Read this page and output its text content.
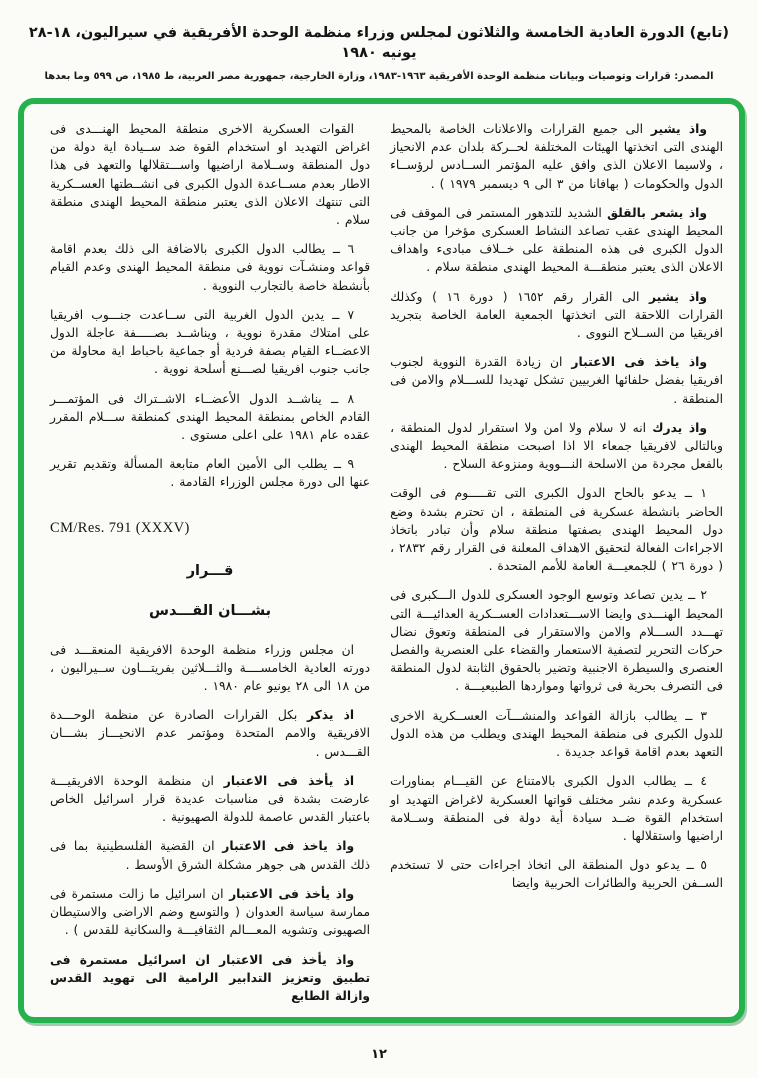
(تابع) الدورة العادية الخامسة والثلاثون لمجلس وزراء منظمة الوحدة الأفريقية في سيراليون، ١٨-٢٨ يونيه ١٩٨٠
المصدر: قرارات وتوصيات وبيانات منظمة الوحدة الأفريقية ١٩٦٣-١٩٨٣، وزارة الخارجية، جمهورية مصر العربية، ط ١٩٨٥، ص ٥٩٩ وما بعدها

واذ يشير الى جميع القرارات والاعلانات الخاصة بالمحيط الهندى التى اتخذتها الهيئات المختلفة لحــركة بلدان عدم الانحياز ، ولاسيما الاعلان الذى وافق عليه المؤتمر الســادس لرؤســاء الدول والحكومات ( بهافانا من ٣ الى ٩ ديسمبر ١٩٧٩ ) .

واذ يشعر بالقلق الشديد للتدهور المستمر فى الموقف فى المحيط الهندى عقب تصاعد النشاط العسكرى مؤخرا من جانب الدول الكبرى فى هذه المنطقة على خــلاف مبادىء واهداف الاعلان الذى يعتبر منطقـــة المحيط الهندى منطقة سلام .

واذ يشير الى القرار رقم ١٦٥٢ ( دورة ١٦ ) وكذلك القرارات اللاحقة التى اتخذتها الجمعية العامة الخاصة بتجريد افريقيا من الســلاح النووى .

واذ ياخذ فى الاعتبار ان زيادة القدرة النووية لجنوب افريقيا بفضل حلفائها الغربيين تشكل تهديدا للســـلام والامن فى المنطقة .

واذ يدرك انه لا سلام ولا امن ولا استقرار لدول المنطقة ، وبالتالى لافريقيا جمعاء الا اذا اصبحت منطقة المحيط الهندى بالفعل مجردة من الاسلحة النـــووية ومنزوعة السلاح .

١ ــ يدعو بالحاح الدول الكبرى التى تقـــــوم فى الوقت الحاضر بانشطة عسكرية فى المنطقة ، ان تحترم بشدة وضع دول المحيط الهندى بصفتها منطقة سلام وأن تبادر باتخاذ الاجراءات الفعالة لتحقيق الاهداف المعلنة فى القرار رقم ٢٨٣٢ ، ( دورة ٢٦ ) للجمعيـــة العامة للأمم المتحدة .

٢ ــ يدين تصاعد وتوسع الوجود العسكرى للدول الـــكبرى فى المحيط الهنـــدى وايضا الاســـتعدادات العســكرية العدائيـــة التى تهـــدد الســـلام والامن والاستقرار فى المنطقة وتعوق نضال حركات التحرير لتصفية الاستعمار والقضاء على العنصرية والفصل العنصرى والسيطرة الاجنبية وتضير بالحقوق الثابتة لدول المنطقة فى التصرف بحرية فى ثرواتها ومواردها الطبيعيـــة .

٣ ــ يطالب بازالة القواعد والمنشـــآت العســكرية الاخرى للدول الكبرى فى منطقة المحيط الهندى ويطلب من هذه الدول التعهد بعدم اقامة قواعد جديدة .

٤ ــ يطالب الدول الكبرى بالامتناع عن القيـــام بمناورات عسكرية وعدم نشر مختلف قواتها العسكرية لاغراض التهديد او استخدام القوة ضــد سيادة أية دولة فى المنطقة وســلامة اراضيها واستقلالها .

٥ ــ يدعو دول المنطقة الى اتخاذ اجراءات حتى لا تستخدم الســفن الحربية والطائرات الحربية وايضا

القوات العسكرية الاخرى منطقة المحيط الهنـــدى فى اغراض التهديد او استخدام القوة ضد ســيادة اية دولة من دول المنطقة وســلامة اراضيها واســـتقلالها والتعهد فى هذا الاطار بعدم مســاعدة الدول الكبرى فى انشــطتها العســكرية التى تنتهك الاعلان الذى يعتبر منطقة المحيط الهندى منطقة سلام .

٦ ــ يطالب الدول الكبرى بالاضافة الى ذلك بعدم اقامة قواعد ومنشـآت نووية فى منطقة المحيط الهندى وعدم القيام بأنشطة خاصة بالتجارب النووية .

٧ ــ يدين الدول الغربية التى ســاعدت جنـــوب افريقيا على امتلاك مقدرة نووية ، ويناشــد بصـــــفة عاجلة الدول الاعضــاء القيام بصفة فردية أو جماعية باحباط اية محاولة من جانب جنوب افريقيا لصـــنع أسلحة نووية .

٨ ــ يناشــد الدول الأعضــاء الاشــتراك فى المؤتمـــر القادم الخاص بمنطقة المحيط الهندى كمنطقة ســـلام المقرر عقده عام ١٩٨١ على اعلى مستوى .

٩ ــ يطلب الى الأمين العام متابعة المسألة وتقديم تقرير عنها الى دورة مجلس الوزراء القادمة .

CM/Res. 791 (XXXV)
قـــرار
بشـــان القـــدس

ان مجلس وزراء منظمة الوحدة الافريقية المنعقـــد فى دورته العادية الخامســــة والثـــلاثين بفريتـــاون ســيراليون ، من ١٨ الى ٢٨ يونيو عام ١٩٨٠ .

اذ يذكر بكل القرارات الصادرة عن منظمة الوحـــدة الافريقية والامم المتحدة ومؤتمر عدم الانحيـــاز بشـــان القـــدس .

اذ يأخذ فى الاعتبار ان منظمة الوحدة الافريقيـــة عارضت بشدة فى مناسبات عديدة قرار اسرائيل الخاص باعتبار القدس عاصمة للدولة الصهيونية .

واذ ياخذ فى الاعتبار ان القضية الفلسطينية بما فى ذلك القدس هى جوهر مشكلة الشرق الأوسط .

واذ يأخذ فى الاعتبار ان اسرائيل ما زالت مستمرة فى ممارسة سياسة العدوان ( والتوسع وضم الاراضى والاستيطان الصهيونى وتشويه المعـــالم الثقافيـــة والسكانية للقدس ) .

واذ يأخذ فى الاعتبار ان اسرائيل مستمرة فى تطبيق وتعزيز التدابير الرامية الى تهويد القدس وازالة الطابع

١٢
